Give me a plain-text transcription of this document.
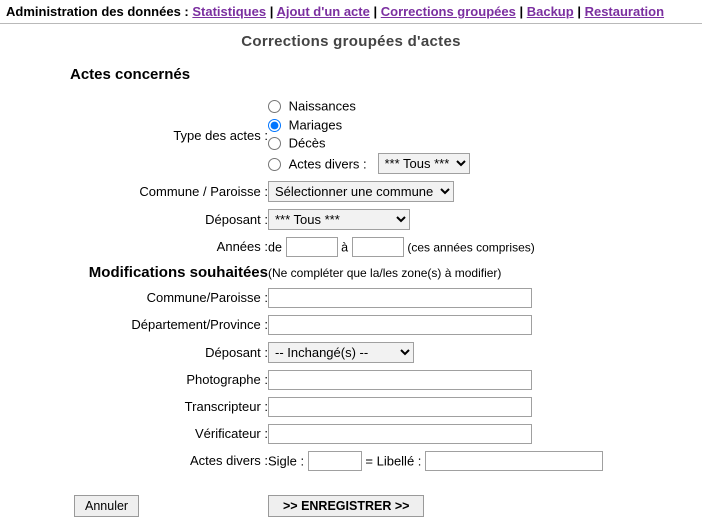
Administration des données : Statistiques | Ajout d'un acte | Corrections groupées | Backup | Restauration
Corrections groupées d'actes
Actes concernés
Type des actes :	Naissances
Mariages
Décès
Actes divers :
*** Tous ***

Commune / Paroisse :	
Sélectionner une commune

Déposant :	
*** Tous ***

Années :	de à (ces années comprises)

Modifications souhaitées	(Ne compléter que la/les zone(s) à modifier)

Commune/Paroisse :	

Département/Province :	

Déposant :	
-- Inchangé(s) --

Photographe :	

Transcripteur :	

Vérificateur :	

Actes divers :	Sigle : = Libellé :
Annuler	>> ENREGISTRER >>
